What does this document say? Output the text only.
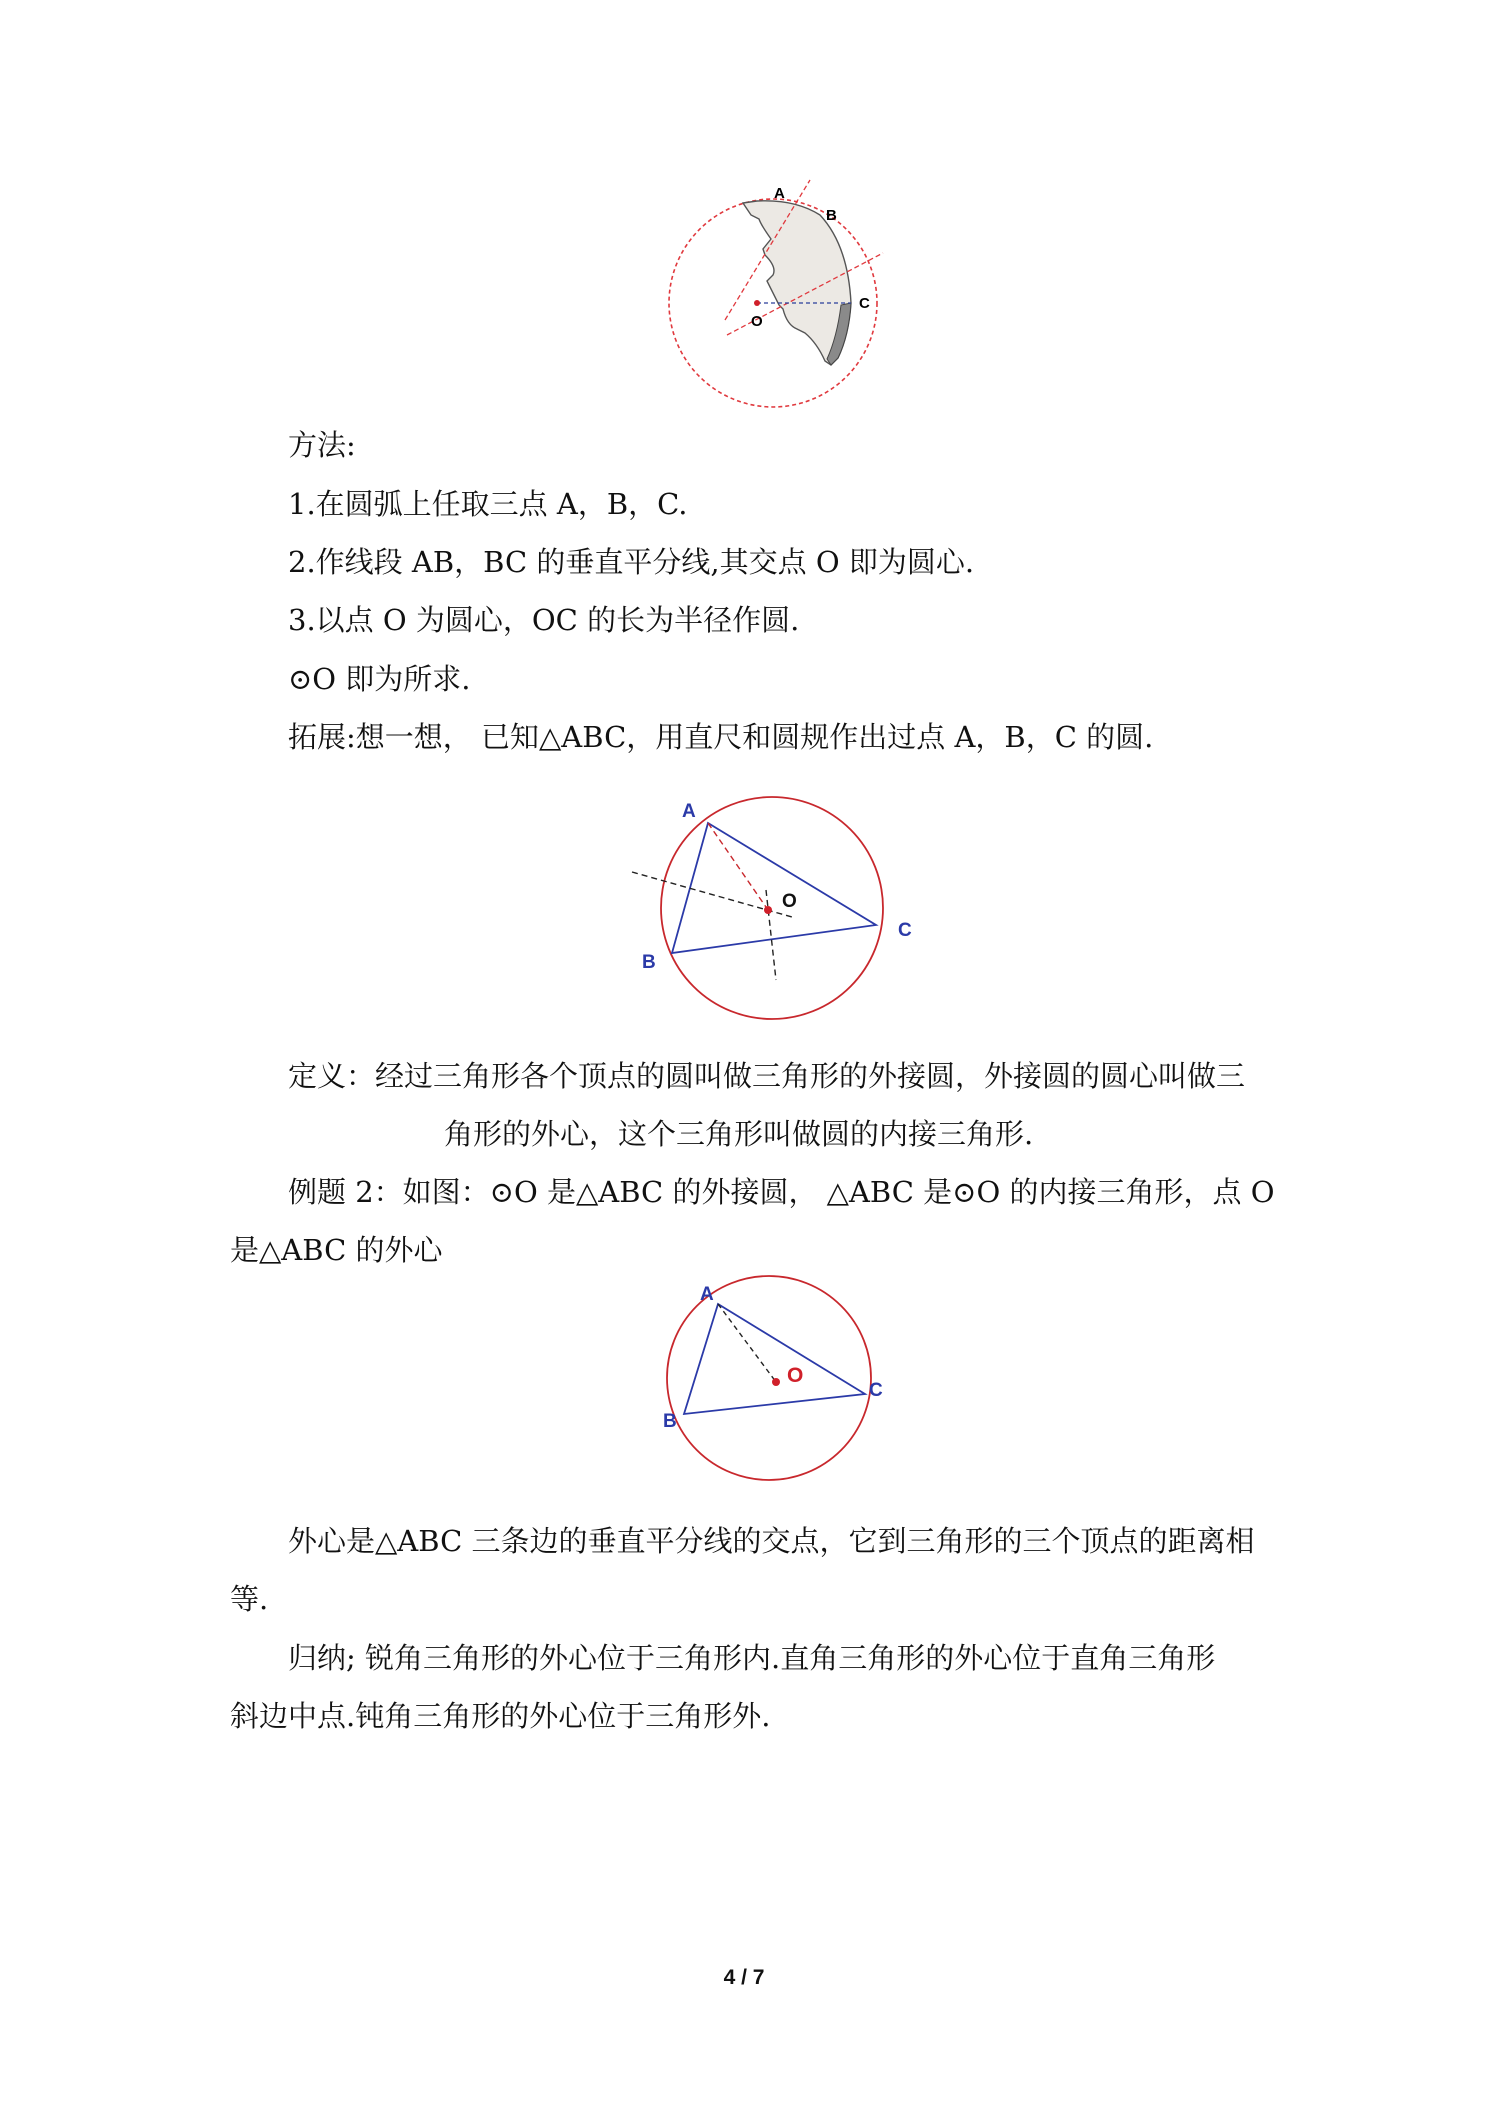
A
B
C
O
方法:
1.在圆弧上任取三点 A，B，C.
2.作线段 AB，BC 的垂直平分线,其交点 O 即为圆心.
3.以点 O 为圆心，OC 的长为半径作圆.
⊙O 即为所求.
拓展:想一想， 已知△ABC，用直尺和圆规作出过点 A，B，C 的圆.
A
B
C
O
定义：经过三角形各个顶点的圆叫做三角形的外接圆，外接圆的圆心叫做三
角形的外心，这个三角形叫做圆的内接三角形.
例题 2：如图：⊙O 是△ABC 的外接圆， △ABC 是⊙O 的内接三角形，点 O
是△ABC 的外心
A
B
C
O
外心是△ABC 三条边的垂直平分线的交点，它到三角形的三个顶点的距离相
等.
归纳; 锐角三角形的外心位于三角形内.直角三角形的外心位于直角三角形
斜边中点.钝角三角形的外心位于三角形外.
4 / 7
